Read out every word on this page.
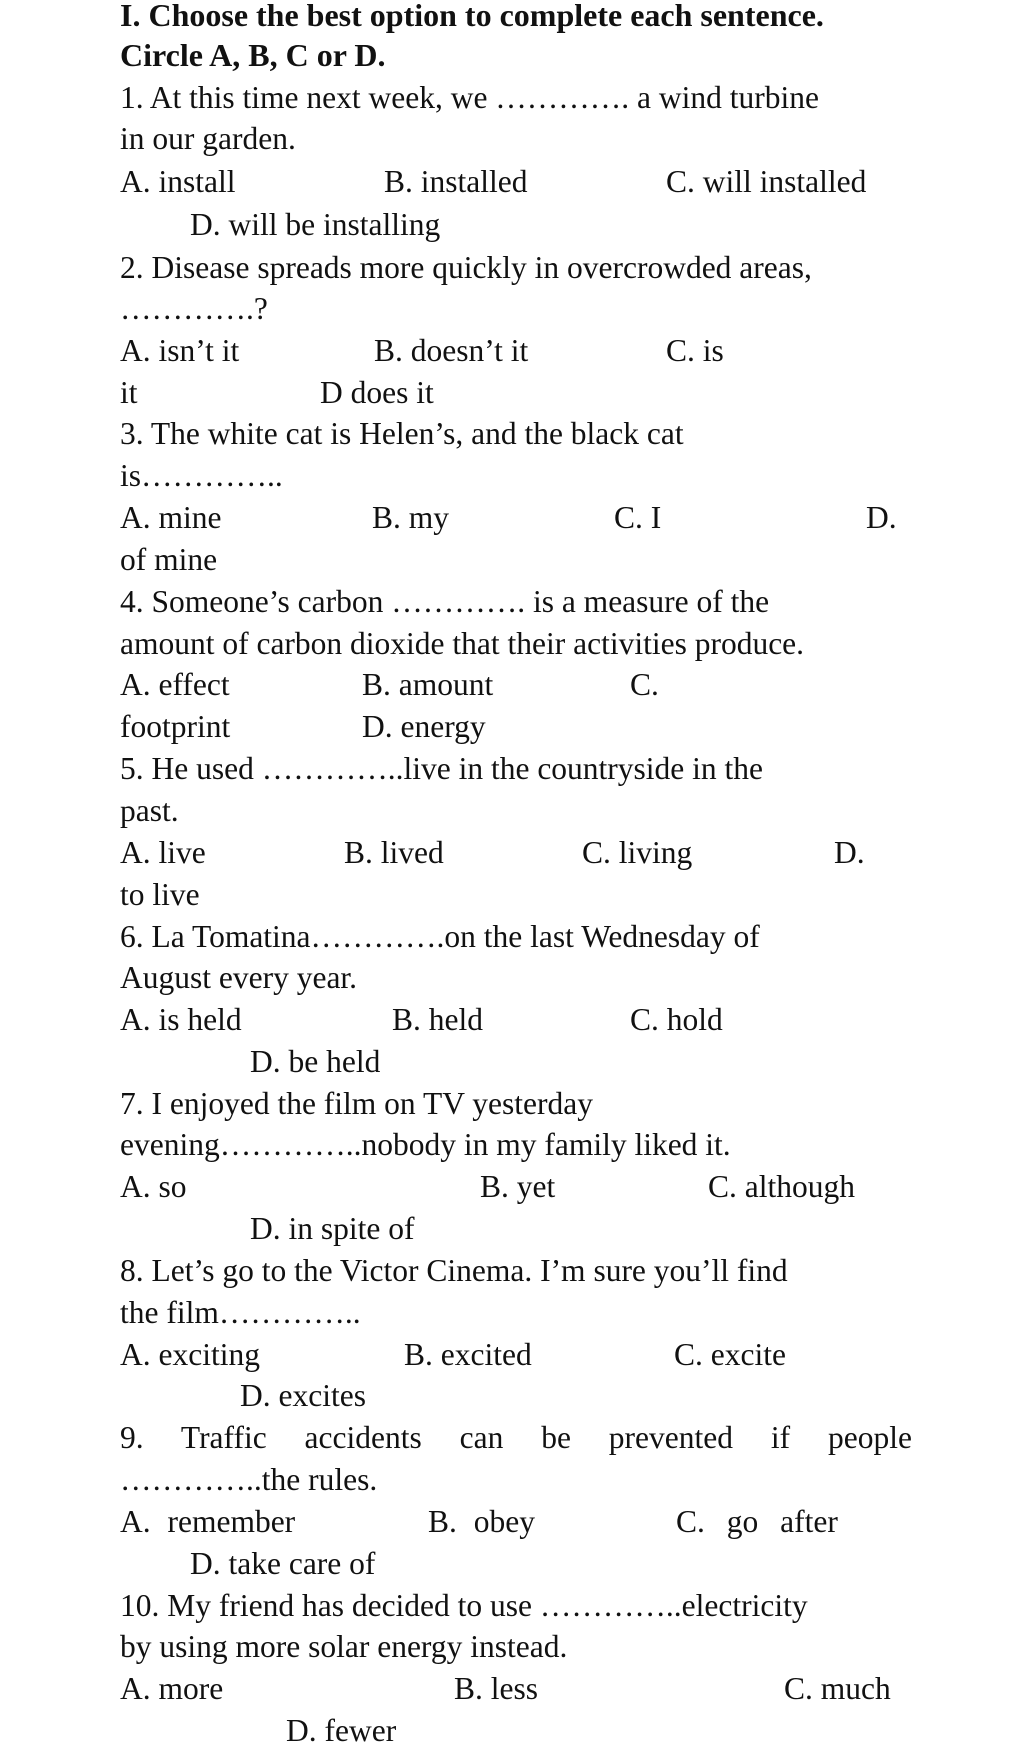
I. Choose the best option to complete each sentence.

Circle A, B, C or D.

1. At this time next week, we …………. a wind turbine

in our garden.

A. install	B. installed	C. will installed

D. will be installing

2. Disease spreads more quickly in overcrowded areas,

………….?

A. isn’t it	B. doesn’t it	C. is

it	D does it

3. The white cat is Helen’s, and the black cat

is…………..

A. mine	B. my	C. I	D.

of mine

4. Someone’s carbon …………. is a measure of the

amount of carbon dioxide that their activities produce.

A. effect	B. amount	C.

footprint	D. energy

5. He used …………..live in the countryside in the

past.

A. live	B. lived	C. living	D.

to live

6. La Tomatina………….on the last Wednesday of

August every year.

A. is held	B. held	C. hold

D. be held

7. I enjoyed the film on TV yesterday

evening…………..nobody in my family liked it.

A. so	B. yet	C. although

D. in spite of

8. Let’s go to the Victor Cinema. I’m sure you’ll find

the film…………..

A. exciting	B. excited	C. excite

D. excites

9. Traffic accidents can be prevented if people

…………..the rules.

A. remember	B. obey	C. go after

D. take care of

10. My friend has decided to use …………..electricity

by using more solar energy instead.

A. more	B. less	C. much

D. fewer
